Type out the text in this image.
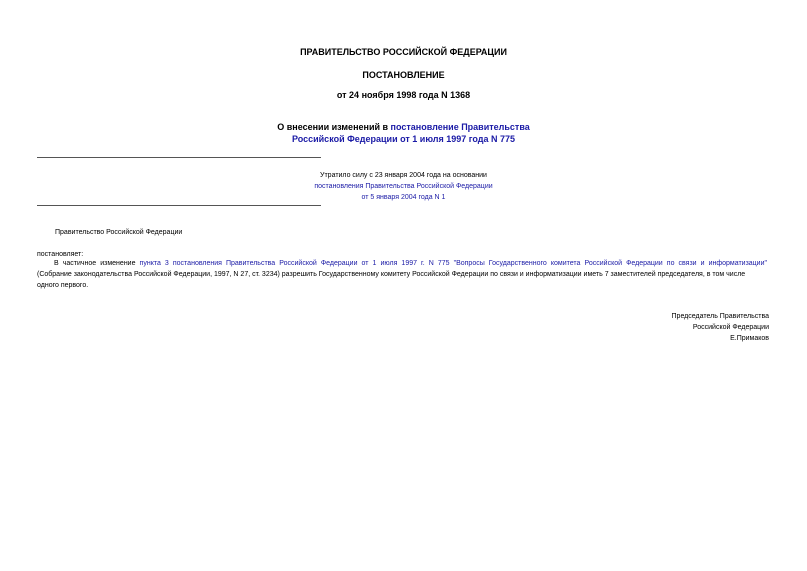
ПРАВИТЕЛЬСТВО РОССИЙСКОЙ ФЕДЕРАЦИИ
ПОСТАНОВЛЕНИЕ
от 24 ноября 1998 года N 1368
О внесении изменений в постановление Правительства
Российской Федерации от 1 июля 1997 года N 775
Утратило силу с 23 января 2004 года на основании
постановления Правительства Российской Федерации
от 5 января 2004 года N 1
Правительство Российской Федерации
постановляет:
В частичное изменение пункта 3 постановления Правительства Российской Федерации от 1 июля 1997 г. N 775 "Вопросы Государственного комитета Российской Федерации по связи и информатизации"
(Собрание законодательства Российской Федерации, 1997, N 27, ст. 3234) разрешить Государственному комитету Российской Федерации по связи и информатизации иметь 7 заместителей председателя, в том числе
одного первого.
Председатель Правительства
Российской Федерации
Е.Примаков
